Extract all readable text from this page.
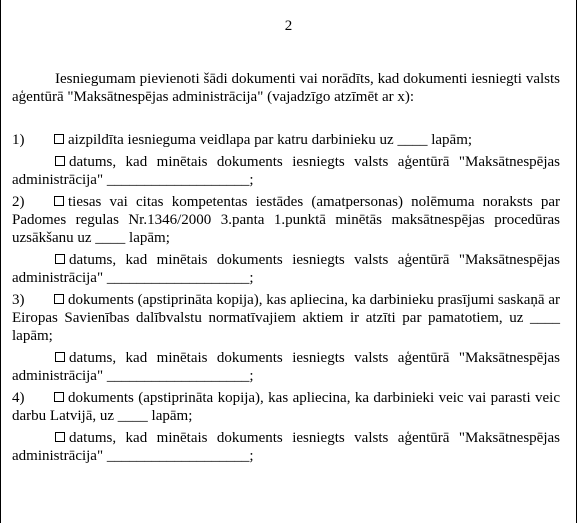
2

Iesniegumam pievienoti šādi dokumenti vai norādīts, kad dokumenti iesniegti valsts aģentūrā "Maksātnespējas administrācija" (vajadzīgo atzīmēt ar x):

1)	aizpildīta iesnieguma veidlapa par katru darbinieku uz ____ lapām;

datums, kad minētais dokuments iesniegts valsts aģentūrā "Maksātnespējas administrācija" ___________________;

2)	tiesas vai citas kompetentas iestādes (amatpersonas) nolēmuma noraksts par Padomes regulas Nr.1346/2000 3.panta 1.punktā minētās maksātnespējas procedūras uzsākšanu uz ____ lapām;

datums, kad minētais dokuments iesniegts valsts aģentūrā "Maksātnespējas administrācija" ___________________;

3)	dokuments (apstiprināta kopija), kas apliecina, ka darbinieku prasījumi saskaņā ar Eiropas Savienības dalībvalstu normatīvajiem aktiem ir atzīti par pamatotiem, uz ____ lapām;

datums, kad minētais dokuments iesniegts valsts aģentūrā "Maksātnespējas administrācija" ___________________;

4)	dokuments (apstiprināta kopija), kas apliecina, ka darbinieki veic vai parasti veic darbu Latvijā, uz ____ lapām;

datums, kad minētais dokuments iesniegts valsts aģentūrā "Maksātnespējas administrācija" ___________________;
